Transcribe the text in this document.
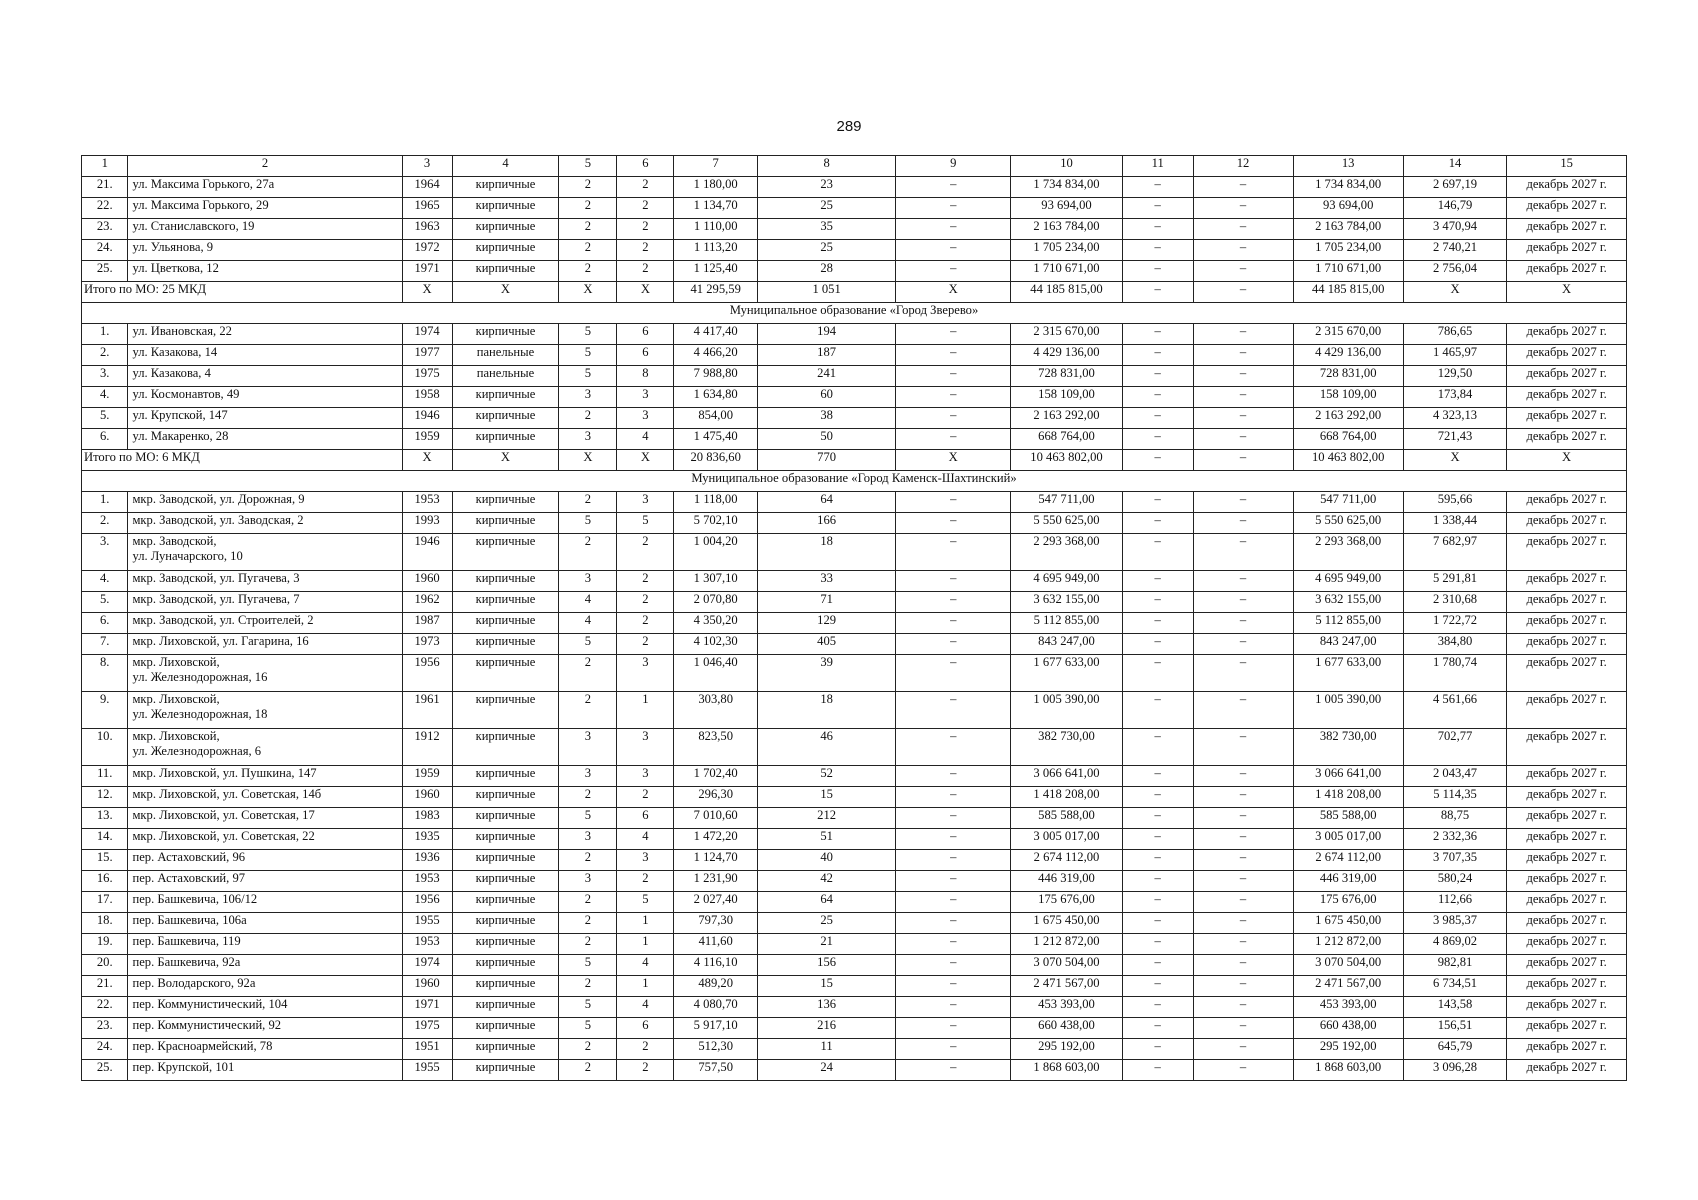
289
1	2	3	4	5	6	7	8	9	10	11	12	13	14	15
21.	ул. Максима Горького, 27а	1964	кирпичные	2	2	1 180,00	23	–	1 734 834,00	–	–	1 734 834,00	2 697,19	декабрь 2027 г.
22.	ул. Максима Горького, 29	1965	кирпичные	2	2	1 134,70	25	–	93 694,00	–	–	93 694,00	146,79	декабрь 2027 г.
23.	ул. Станиславского, 19	1963	кирпичные	2	2	1 110,00	35	–	2 163 784,00	–	–	2 163 784,00	3 470,94	декабрь 2027 г.
24.	ул. Ульянова, 9	1972	кирпичные	2	2	1 113,20	25	–	1 705 234,00	–	–	1 705 234,00	2 740,21	декабрь 2027 г.
25.	ул. Цветкова, 12	1971	кирпичные	2	2	1 125,40	28	–	1 710 671,00	–	–	1 710 671,00	2 756,04	декабрь 2027 г.
Итого по МО: 25 МКД		X	X	X	X	41 295,59	1 051	X	44 185 815,00	–	–	44 185 815,00	X	X
Муниципальное образование «Город Зверево»														
1.	ул. Ивановская, 22	1974	кирпичные	5	6	4 417,40	194	–	2 315 670,00	–	–	2 315 670,00	786,65	декабрь 2027 г.
2.	ул. Казакова, 14	1977	панельные	5	6	4 466,20	187	–	4 429 136,00	–	–	4 429 136,00	1 465,97	декабрь 2027 г.
3.	ул. Казакова, 4	1975	панельные	5	8	7 988,80	241	–	728 831,00	–	–	728 831,00	129,50	декабрь 2027 г.
4.	ул. Космонавтов, 49	1958	кирпичные	3	3	1 634,80	60	–	158 109,00	–	–	158 109,00	173,84	декабрь 2027 г.
5.	ул. Крупской, 147	1946	кирпичные	2	3	854,00	38	–	2 163 292,00	–	–	2 163 292,00	4 323,13	декабрь 2027 г.
6.	ул. Макаренко, 28	1959	кирпичные	3	4	1 475,40	50	–	668 764,00	–	–	668 764,00	721,43	декабрь 2027 г.
Итого по МО: 6 МКД		X	X	X	X	20 836,60	770	X	10 463 802,00	–	–	10 463 802,00	X	X
Муниципальное образование «Город Каменск-Шахтинский»														
1.	мкр. Заводской, ул. Дорожная, 9	1953	кирпичные	2	3	1 118,00	64	–	547 711,00	–	–	547 711,00	595,66	декабрь 2027 г.
2.	мкр. Заводской, ул. Заводская, 2	1993	кирпичные	5	5	5 702,10	166	–	5 550 625,00	–	–	5 550 625,00	1 338,44	декабрь 2027 г.
3.	мкр. Заводской,
ул. Луначарского, 10	1946	кирпичные	2	2	1 004,20	18	–	2 293 368,00	–	–	2 293 368,00	7 682,97	декабрь 2027 г.
4.	мкр. Заводской, ул. Пугачева, 3	1960	кирпичные	3	2	1 307,10	33	–	4 695 949,00	–	–	4 695 949,00	5 291,81	декабрь 2027 г.
5.	мкр. Заводской, ул. Пугачева, 7	1962	кирпичные	4	2	2 070,80	71	–	3 632 155,00	–	–	3 632 155,00	2 310,68	декабрь 2027 г.
6.	мкр. Заводской, ул. Строителей, 2	1987	кирпичные	4	2	4 350,20	129	–	5 112 855,00	–	–	5 112 855,00	1 722,72	декабрь 2027 г.
7.	мкр. Лиховской, ул. Гагарина, 16	1973	кирпичные	5	2	4 102,30	405	–	843 247,00	–	–	843 247,00	384,80	декабрь 2027 г.
8.	мкр. Лиховской,
ул. Железнодорожная, 16	1956	кирпичные	2	3	1 046,40	39	–	1 677 633,00	–	–	1 677 633,00	1 780,74	декабрь 2027 г.
9.	мкр. Лиховской,
ул. Железнодорожная, 18	1961	кирпичные	2	1	303,80	18	–	1 005 390,00	–	–	1 005 390,00	4 561,66	декабрь 2027 г.
10.	мкр. Лиховской,
ул. Железнодорожная, 6	1912	кирпичные	3	3	823,50	46	–	382 730,00	–	–	382 730,00	702,77	декабрь 2027 г.
11.	мкр. Лиховской, ул. Пушкина, 147	1959	кирпичные	3	3	1 702,40	52	–	3 066 641,00	–	–	3 066 641,00	2 043,47	декабрь 2027 г.
12.	мкр. Лиховской, ул. Советская, 14б	1960	кирпичные	2	2	296,30	15	–	1 418 208,00	–	–	1 418 208,00	5 114,35	декабрь 2027 г.
13.	мкр. Лиховской, ул. Советская, 17	1983	кирпичные	5	6	7 010,60	212	–	585 588,00	–	–	585 588,00	88,75	декабрь 2027 г.
14.	мкр. Лиховской, ул. Советская, 22	1935	кирпичные	3	4	1 472,20	51	–	3 005 017,00	–	–	3 005 017,00	2 332,36	декабрь 2027 г.
15.	пер. Астаховский, 96	1936	кирпичные	2	3	1 124,70	40	–	2 674 112,00	–	–	2 674 112,00	3 707,35	декабрь 2027 г.
16.	пер. Астаховский, 97	1953	кирпичные	3	2	1 231,90	42	–	446 319,00	–	–	446 319,00	580,24	декабрь 2027 г.
17.	пер. Башкевича, 106/12	1956	кирпичные	2	5	2 027,40	64	–	175 676,00	–	–	175 676,00	112,66	декабрь 2027 г.
18.	пер. Башкевича, 106а	1955	кирпичные	2	1	797,30	25	–	1 675 450,00	–	–	1 675 450,00	3 985,37	декабрь 2027 г.
19.	пер. Башкевича, 119	1953	кирпичные	2	1	411,60	21	–	1 212 872,00	–	–	1 212 872,00	4 869,02	декабрь 2027 г.
20.	пер. Башкевича, 92а	1974	кирпичные	5	4	4 116,10	156	–	3 070 504,00	–	–	3 070 504,00	982,81	декабрь 2027 г.
21.	пер. Володарского, 92а	1960	кирпичные	2	1	489,20	15	–	2 471 567,00	–	–	2 471 567,00	6 734,51	декабрь 2027 г.
22.	пер. Коммунистический, 104	1971	кирпичные	5	4	4 080,70	136	–	453 393,00	–	–	453 393,00	143,58	декабрь 2027 г.
23.	пер. Коммунистический, 92	1975	кирпичные	5	6	5 917,10	216	–	660 438,00	–	–	660 438,00	156,51	декабрь 2027 г.
24.	пер. Красноармейский, 78	1951	кирпичные	2	2	512,30	11	–	295 192,00	–	–	295 192,00	645,79	декабрь 2027 г.
25.	пер. Крупской, 101	1955	кирпичные	2	2	757,50	24	–	1 868 603,00	–	–	1 868 603,00	3 096,28	декабрь 2027 г.
